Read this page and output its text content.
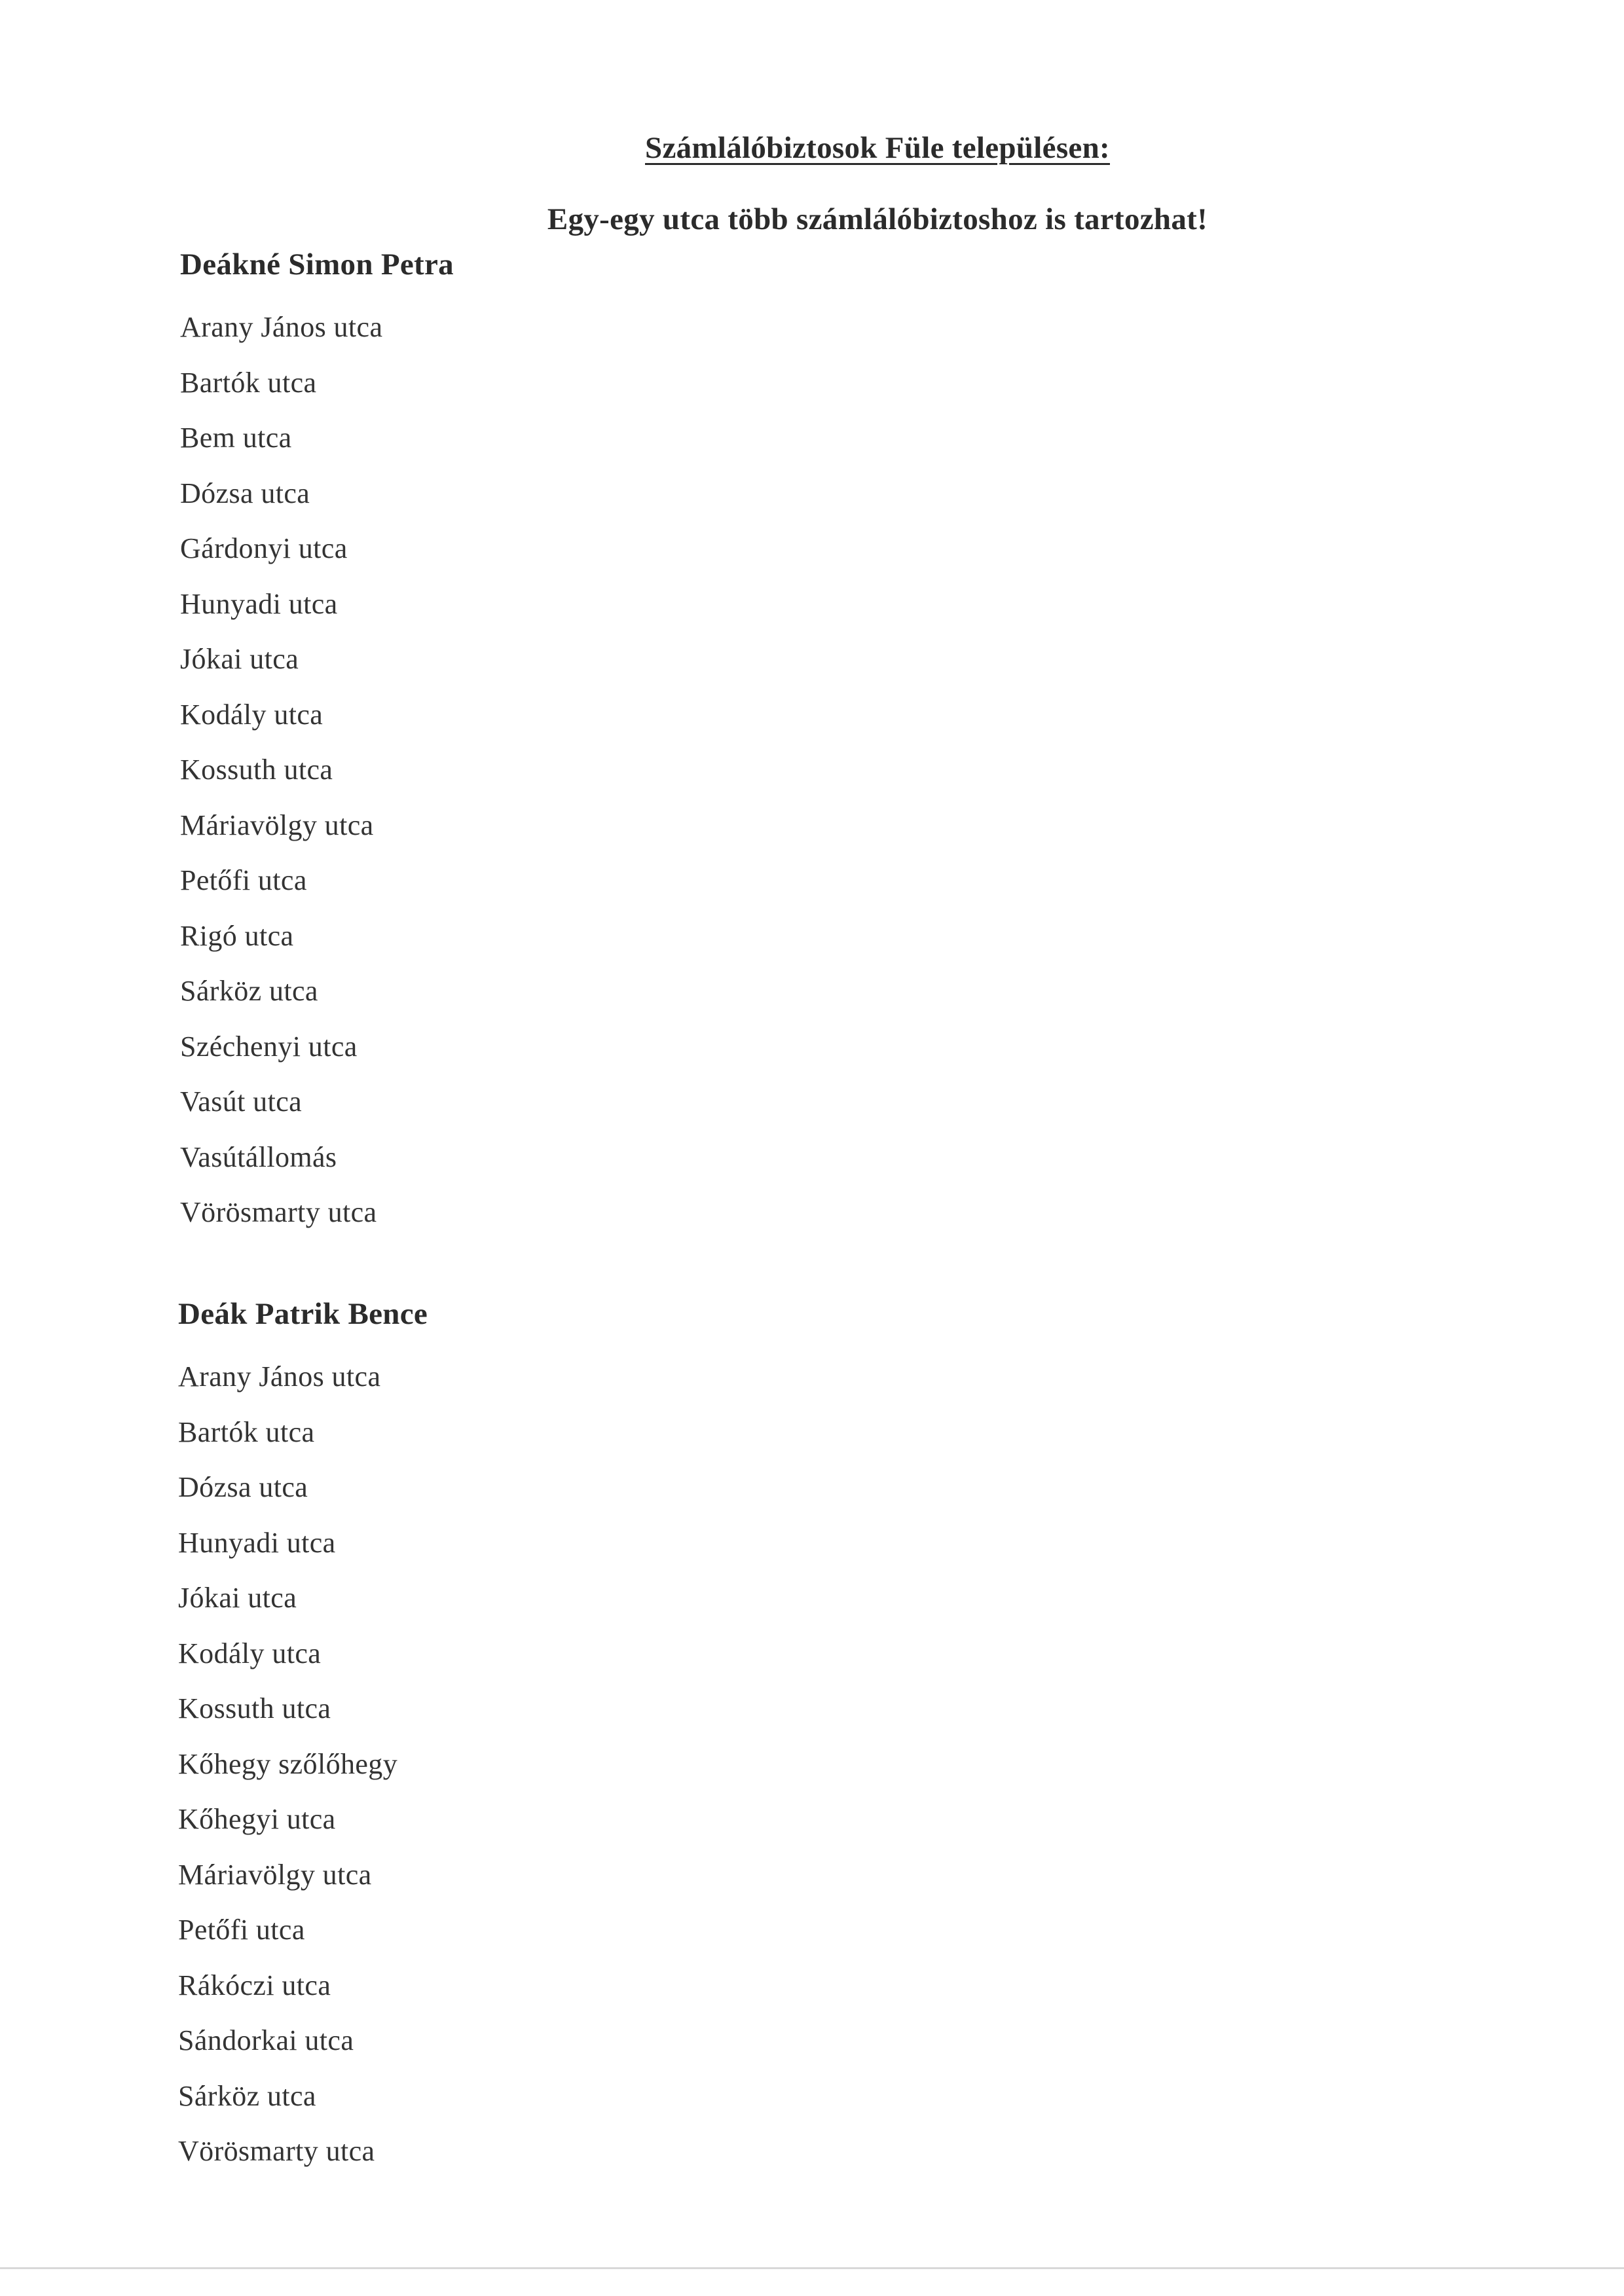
Számlálóbiztosok Füle településen:

Egy-egy utca több számlálóbiztoshoz is tartozhat!

Deákné Simon Petra
Arany János utca
Bartók utca
Bem utca
Dózsa utca
Gárdonyi utca
Hunyadi utca
Jókai utca
Kodály utca
Kossuth utca
Máriavölgy utca
Petőfi utca
Rigó utca
Sárköz utca
Széchenyi utca
Vasút utca
Vasútállomás
Vörösmarty utca
Deák Patrik Bence
Arany János utca
Bartók utca
Dózsa utca
Hunyadi utca
Jókai utca
Kodály utca
Kossuth utca
Kőhegy szőlőhegy
Kőhegyi utca
Máriavölgy utca
Petőfi utca
Rákóczi utca
Sándorkai utca
Sárköz utca
Vörösmarty utca
